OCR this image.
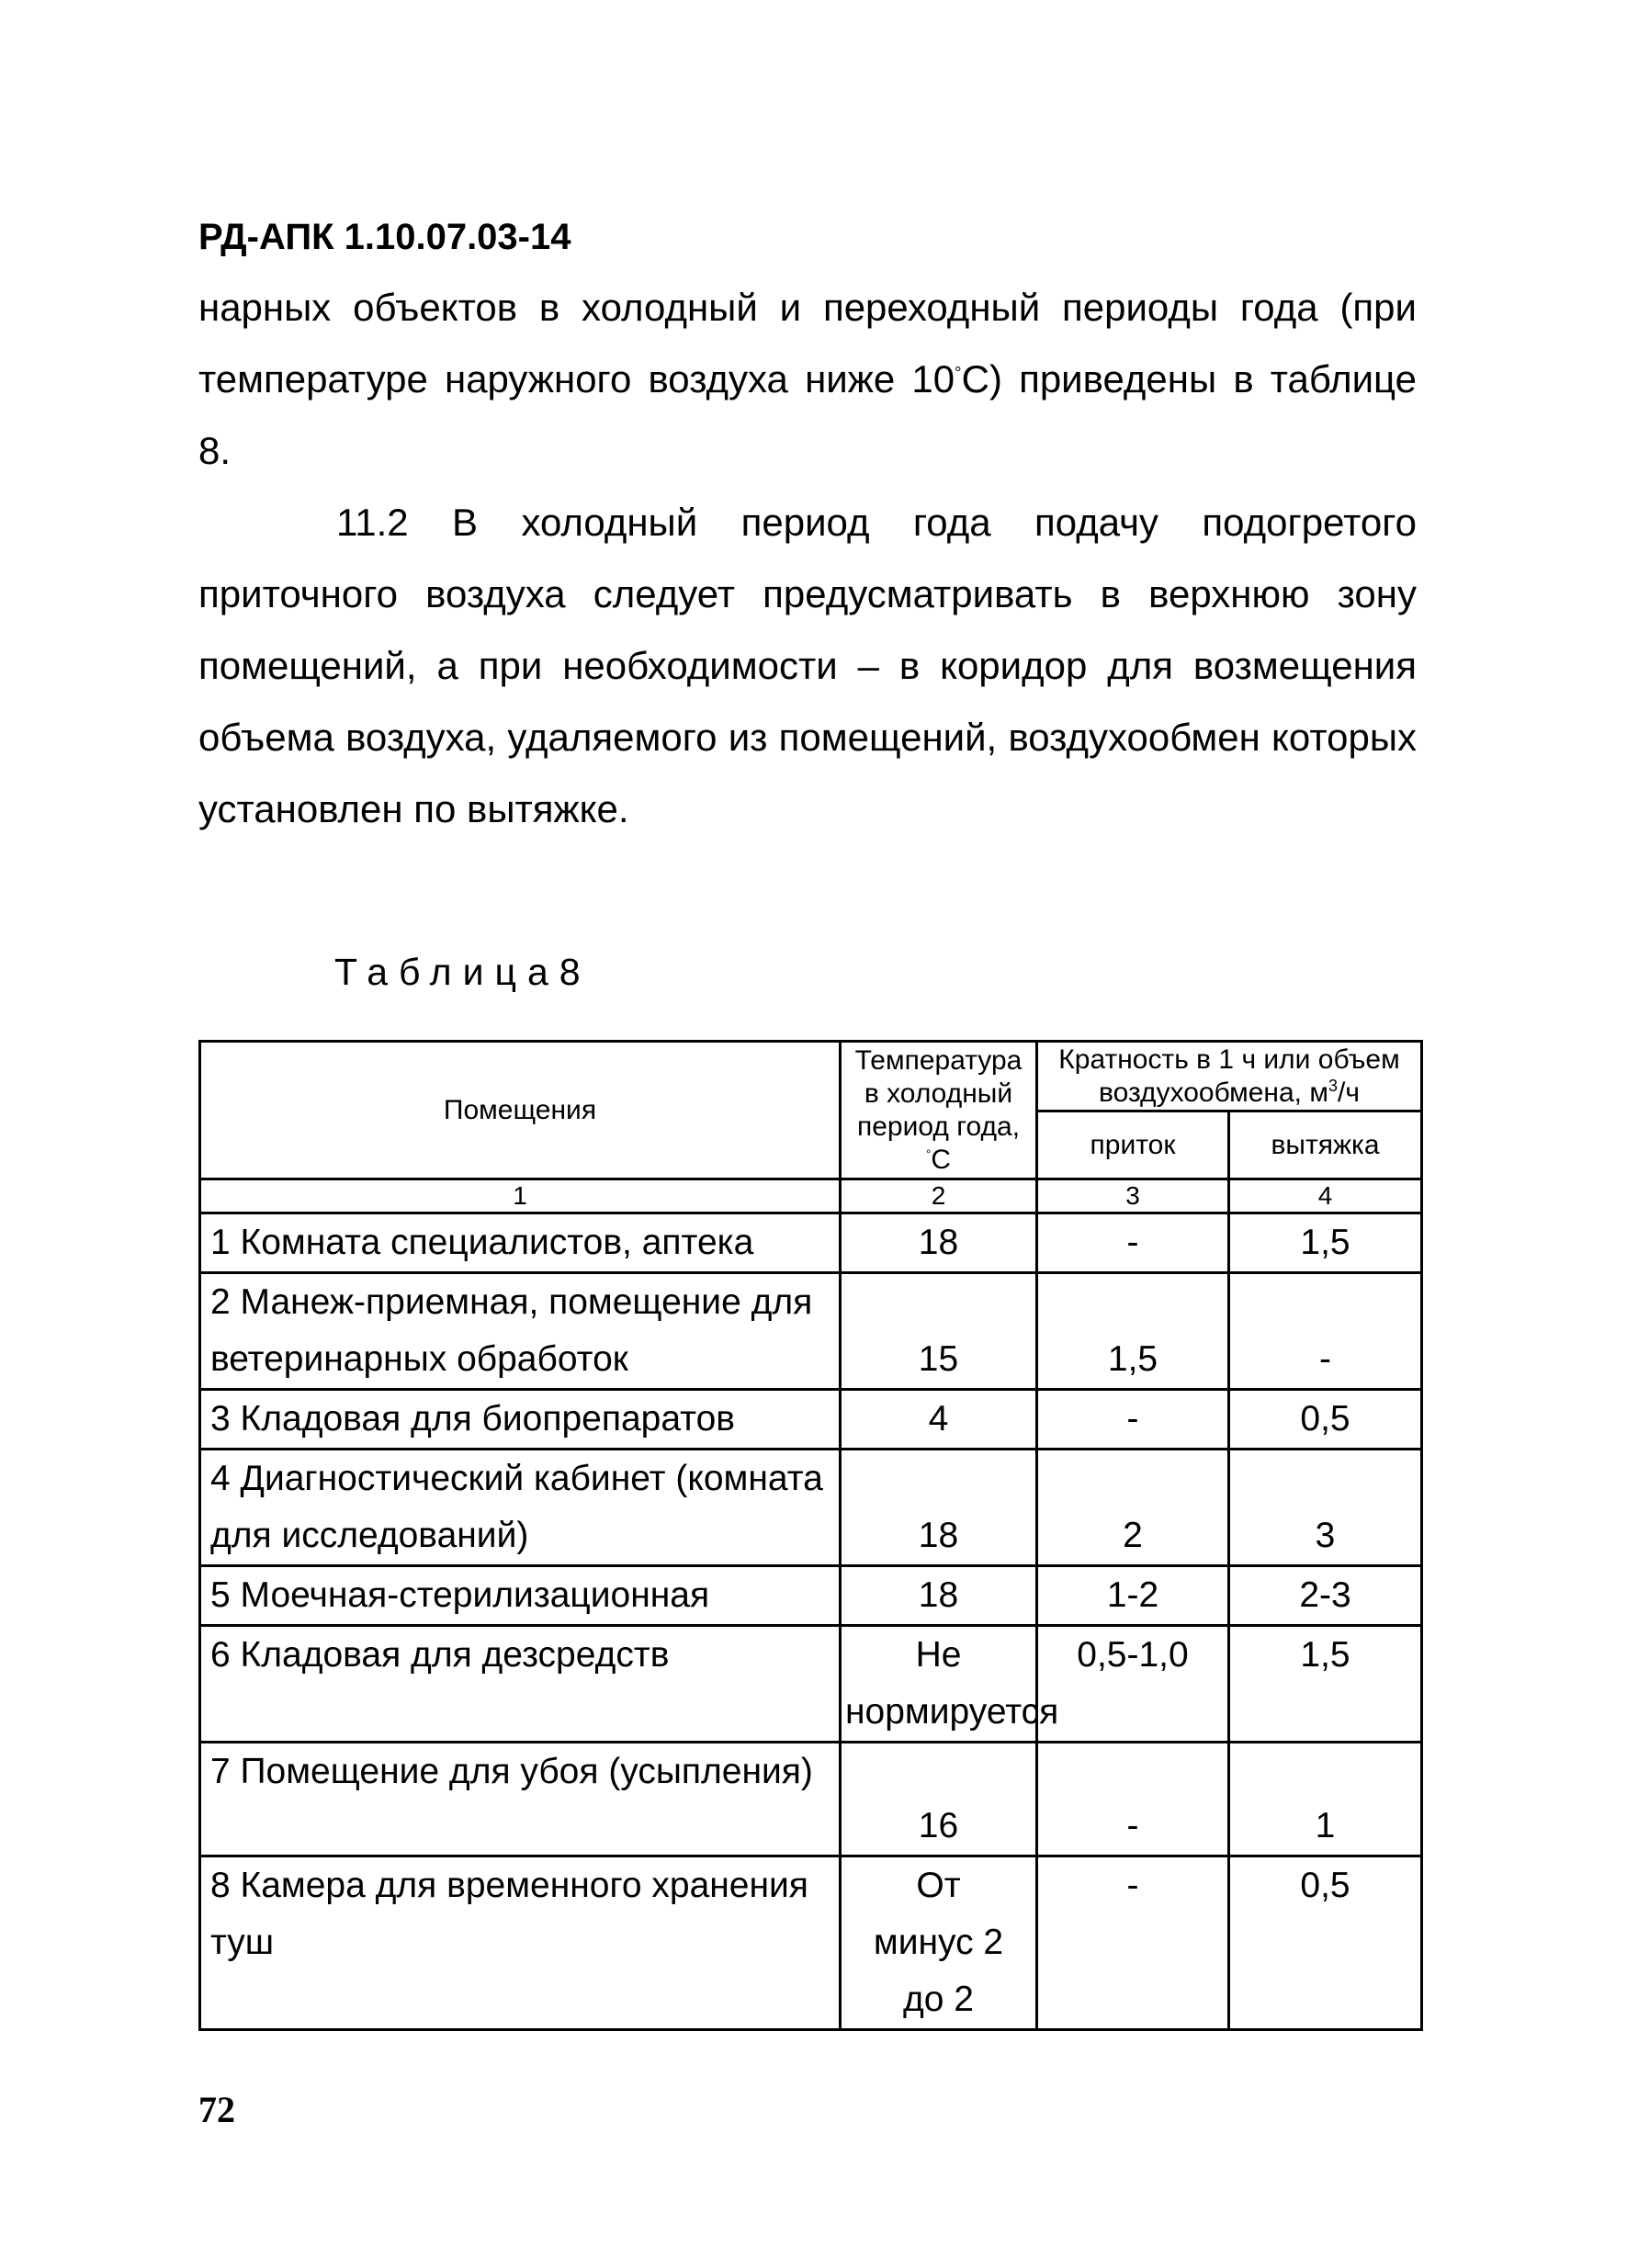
РД-АПК 1.10.07.03-14
нарных объектов в холодный и переходный периоды года (при температуре наружного воздуха ниже 10°С) приведены в таблице 8.
11.2 В холодный период года подачу подогретого приточного воздуха следует предусматривать в верхнюю зону помещений, а при необходимости – в коридор для возмещения объема воздуха, удаляемого из помещений, воздухообмен которых установлен по вытяжке.
Таблица8
Помещения	Температура в холодный период года, °С	Кратность в 1 ч или объем воздухообмена, $м^3/ч$	
		приток	вытяжка
1	2	3	4
1 Комната специалистов, аптека	18	-	1,5
2 Манеж-приемная, помещение для ветеринарных обработок	15	1,5	-
3 Кладовая для биопрепаратов	4	-	0,5
4 Диагностический кабинет (комната для исследований)	18	2	3
5 Моечная-стерилизационная	18	1-2	2-3
6 Кладовая для дезсредств	Не нормируется	0,5-1,0	1,5
7 Помещение для убоя (усыпления)	16	-	1
8 Камера для временного хранения туш	От минус 2 до 2	-	0,5
72
